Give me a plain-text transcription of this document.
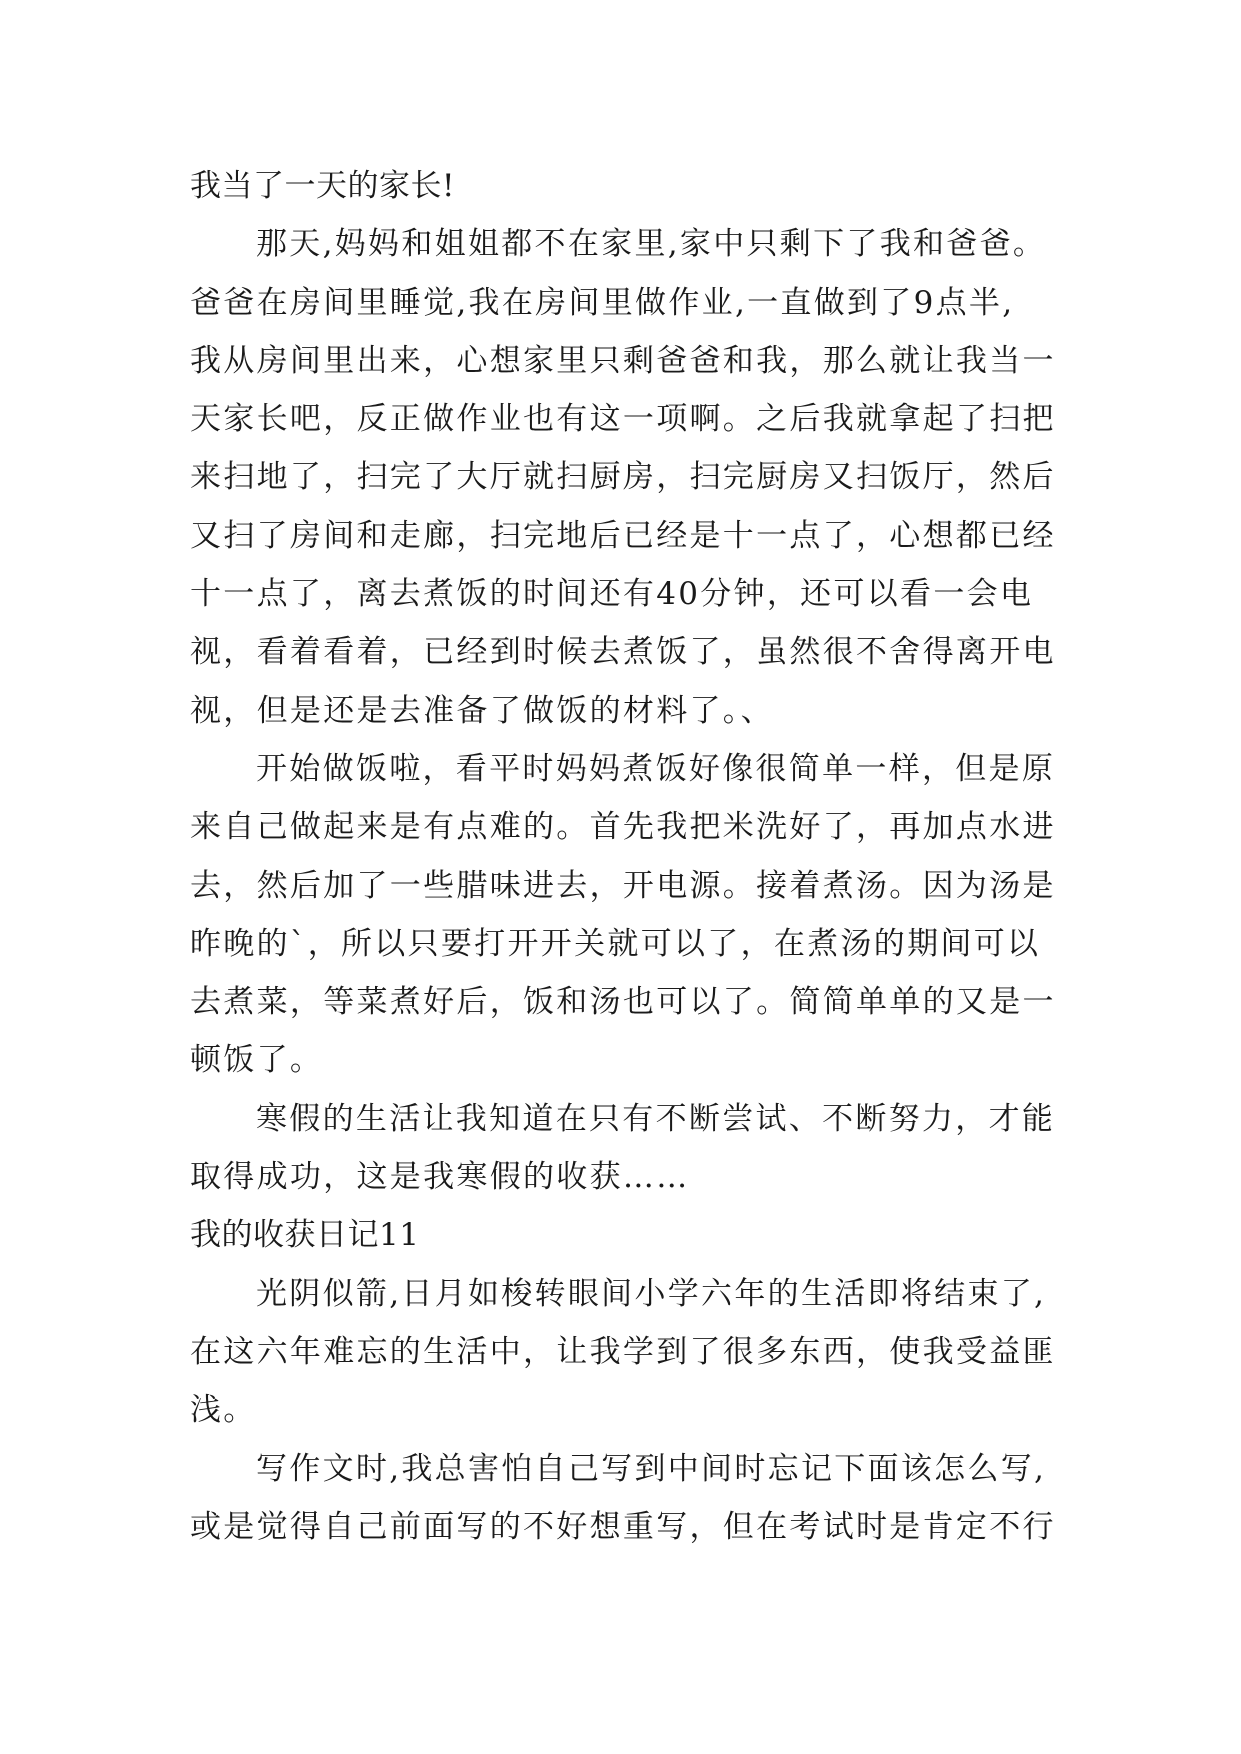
我当了一天的家长!
那天,妈妈和姐姐都不在家里,家中只剩下了我和爸爸。
爸爸在房间里睡觉,我在房间里做作业,一直做到了9点半,
我从房间里出来，心想家里只剩爸爸和我，那么就让我当一
天家长吧，反正做作业也有这一项啊。之后我就拿起了扫把
来扫地了，扫完了大厅就扫厨房，扫完厨房又扫饭厅，然后
又扫了房间和走廊，扫完地后已经是十一点了，心想都已经
十一点了，离去煮饭的时间还有40分钟，还可以看一会电
视，看着看着，已经到时候去煮饭了，虽然很不舍得离开电
视，但是还是去准备了做饭的材料了。、
开始做饭啦，看平时妈妈煮饭好像很简单一样，但是原
来自己做起来是有点难的。首先我把米洗好了，再加点水进
去，然后加了一些腊味进去，开电源。接着煮汤。因为汤是
昨晚的`，所以只要打开开关就可以了，在煮汤的期间可以
去煮菜，等菜煮好后，饭和汤也可以了。简简单单的又是一
顿饭了。
寒假的生活让我知道在只有不断尝试、不断努力，才能
取得成功，这是我寒假的收获……
我的收获日记11
光阴似箭,日月如梭转眼间小学六年的生活即将结束了,
在这六年难忘的生活中，让我学到了很多东西，使我受益匪
浅。
写作文时,我总害怕自己写到中间时忘记下面该怎么写,
或是觉得自己前面写的不好想重写，但在考试时是肯定不行
